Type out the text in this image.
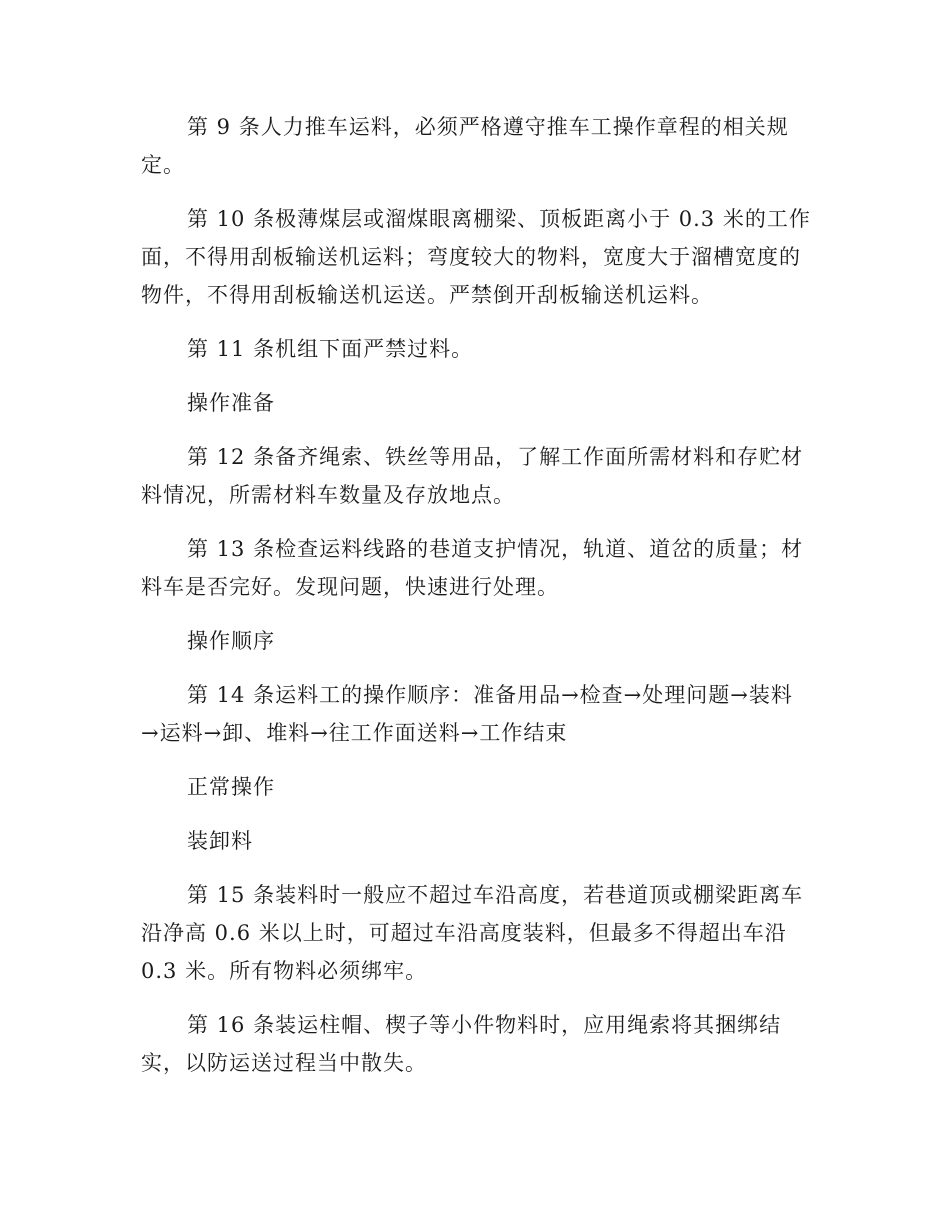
第 9 条人力推车运料，必须严格遵守推车工操作章程的相关规定。

第 10 条极薄煤层或溜煤眼离棚梁、顶板距离小于 0.3 米的工作面，不得用刮板输送机运料；弯度较大的物料，宽度大于溜槽宽度的物件，不得用刮板输送机运送。严禁倒开刮板输送机运料。

第 11 条机组下面严禁过料。

操作准备

第 12 条备齐绳索、铁丝等用品，了解工作面所需材料和存贮材料情况，所需材料车数量及存放地点。

第 13 条检查运料线路的巷道支护情况，轨道、道岔的质量；材料车是否完好。发现问题，快速进行处理。

操作顺序

第 14 条运料工的操作顺序：准备用品→检查→处理问题→装料→运料→卸、堆料→往工作面送料→工作结束

正常操作

装卸料

第 15 条装料时一般应不超过车沿高度，若巷道顶或棚梁距离车沿净高 0.6 米以上时，可超过车沿高度装料，但最多不得超出车沿 0.3 米。所有物料必须绑牢。

第 16 条装运柱帽、楔子等小件物料时，应用绳索将其捆绑结实，以防运送过程当中散失。
